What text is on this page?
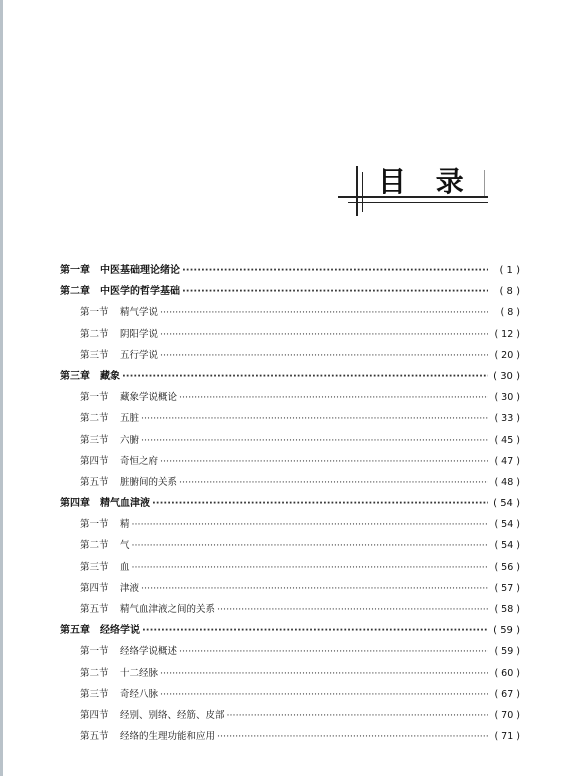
目 录
第一章	中医基础理论绪论 ·····	( 1 )
第二章	中医学的哲学基础 ·····	( 8 )
第一节	精气学说 ·····	( 8 )
第二节	阴阳学说 ·····	( 12 )
第三节	五行学说 ·····	( 20 )
第三章	藏象 ·····	( 30 )
第一节	藏象学说概论 ·····	( 30 )
第二节	五脏 ·····	( 33 )
第三节	六腑 ·····	( 45 )
第四节	奇恒之府 ·····	( 47 )
第五节	脏腑间的关系 ·····	( 48 )
第四章	精气血津液 ·····	( 54 )
第一节	精 ·····	( 54 )
第二节	气 ·····	( 54 )
第三节	血 ·····	( 56 )
第四节	津液 ·····	( 57 )
第五节	精气血津液之间的关系 ·····	( 58 )
第五章	经络学说 ·····	( 59 )
第一节	经络学说概述 ·····	( 59 )
第二节	十二经脉 ·····	( 60 )
第三节	奇经八脉 ·····	( 67 )
第四节	经别、别络、经筋、皮部 ·····	( 70 )
第五节	经络的生理功能和应用 ·····	( 71 )
